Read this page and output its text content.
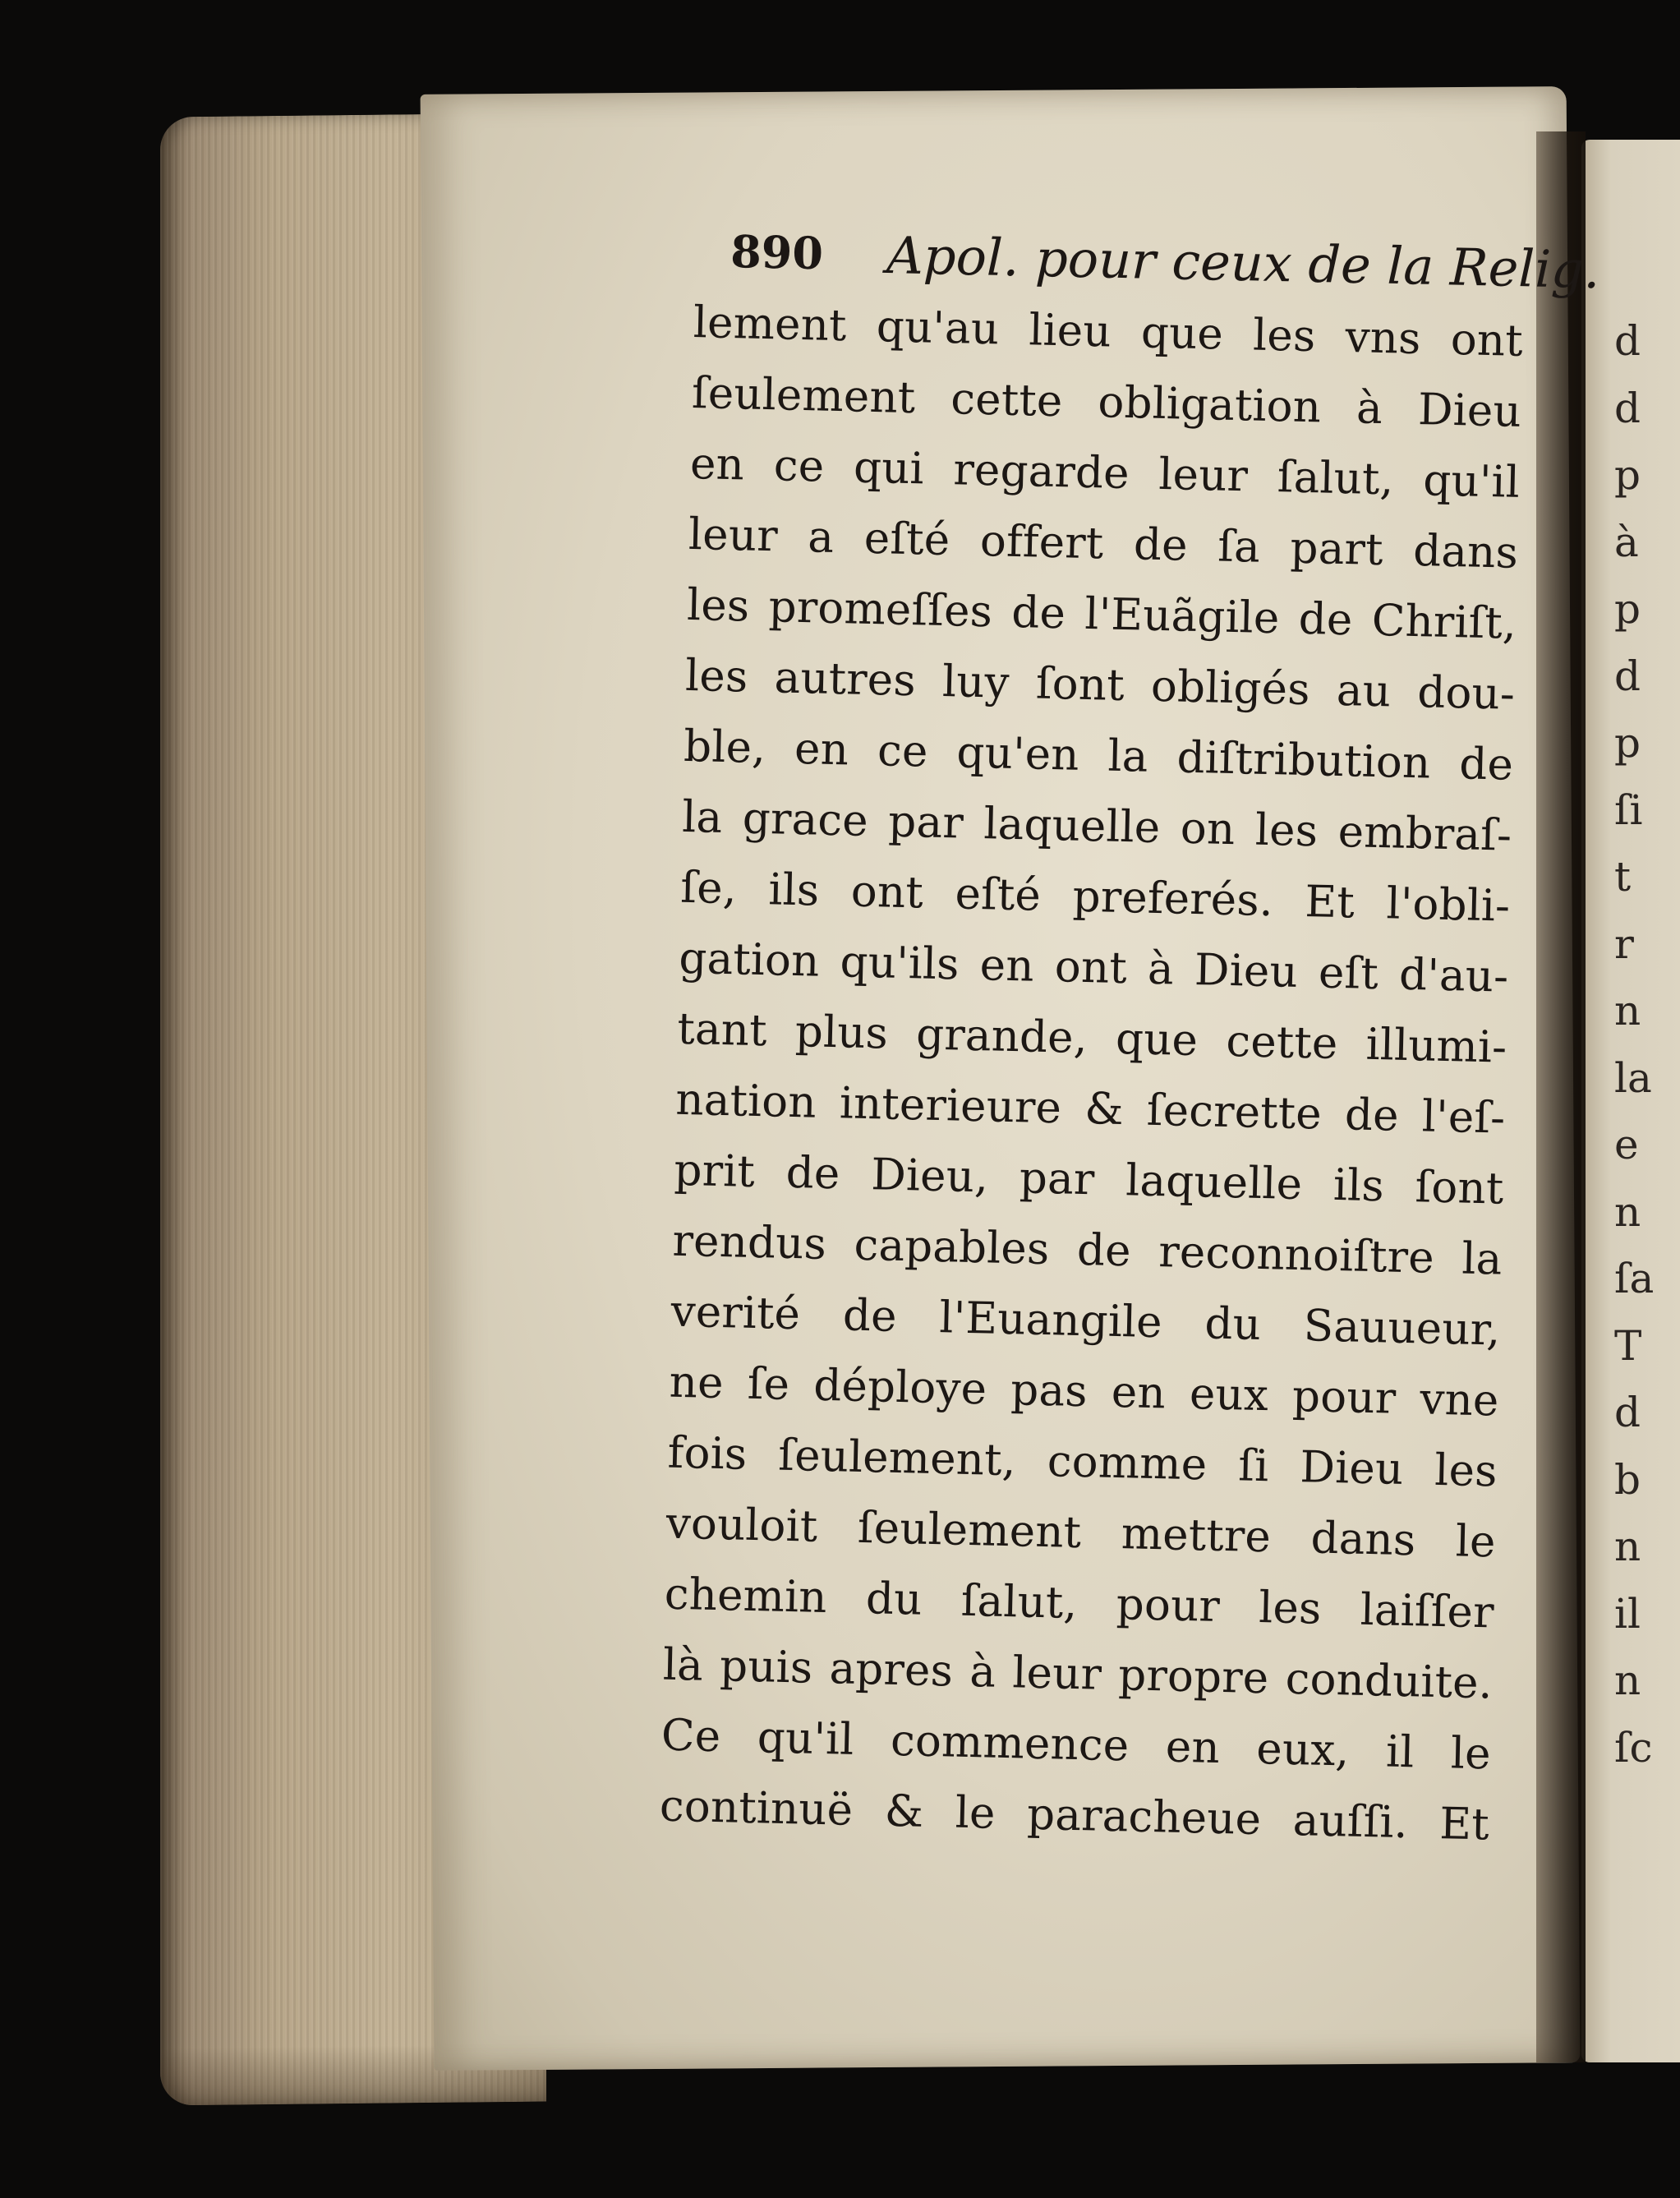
890 Apol. pour ceux de la Relig.
lement qu'au lieu que les vns ont
ſeulement cette obligation à Dieu
en ce qui regarde leur ſalut, qu'il
leur a eſté offert de ſa part dans
les promeſſes de l'Euãgile de Chriſt,
les autres luy ſont obligés au dou-
ble, en ce qu'en la diſtribution de
la grace par laquelle on les embraſ-
ſe, ils ont eſté preferés. Et l'obli-
gation qu'ils en ont à Dieu eſt d'au-
tant plus grande, que cette illumi-
nation interieure & ſecrette de l'eſ-
prit de Dieu, par laquelle ils ſont
rendus capables de reconnoiſtre la
verité de l'Euangile du Sauueur,
ne ſe déploye pas en eux pour vne
fois ſeulement, comme ſi Dieu les
vouloit ſeulement mettre dans le
chemin du ſalut, pour les laiſſer
là puis apres à leur propre conduite.
Ce qu'il commence en eux, il le
continuë & le paracheue auſſi. Et
d
d
p
à
p
d
p
ſi
t
r
n
la
e
n
ſa
T
d
b
n
il
n
ſc
